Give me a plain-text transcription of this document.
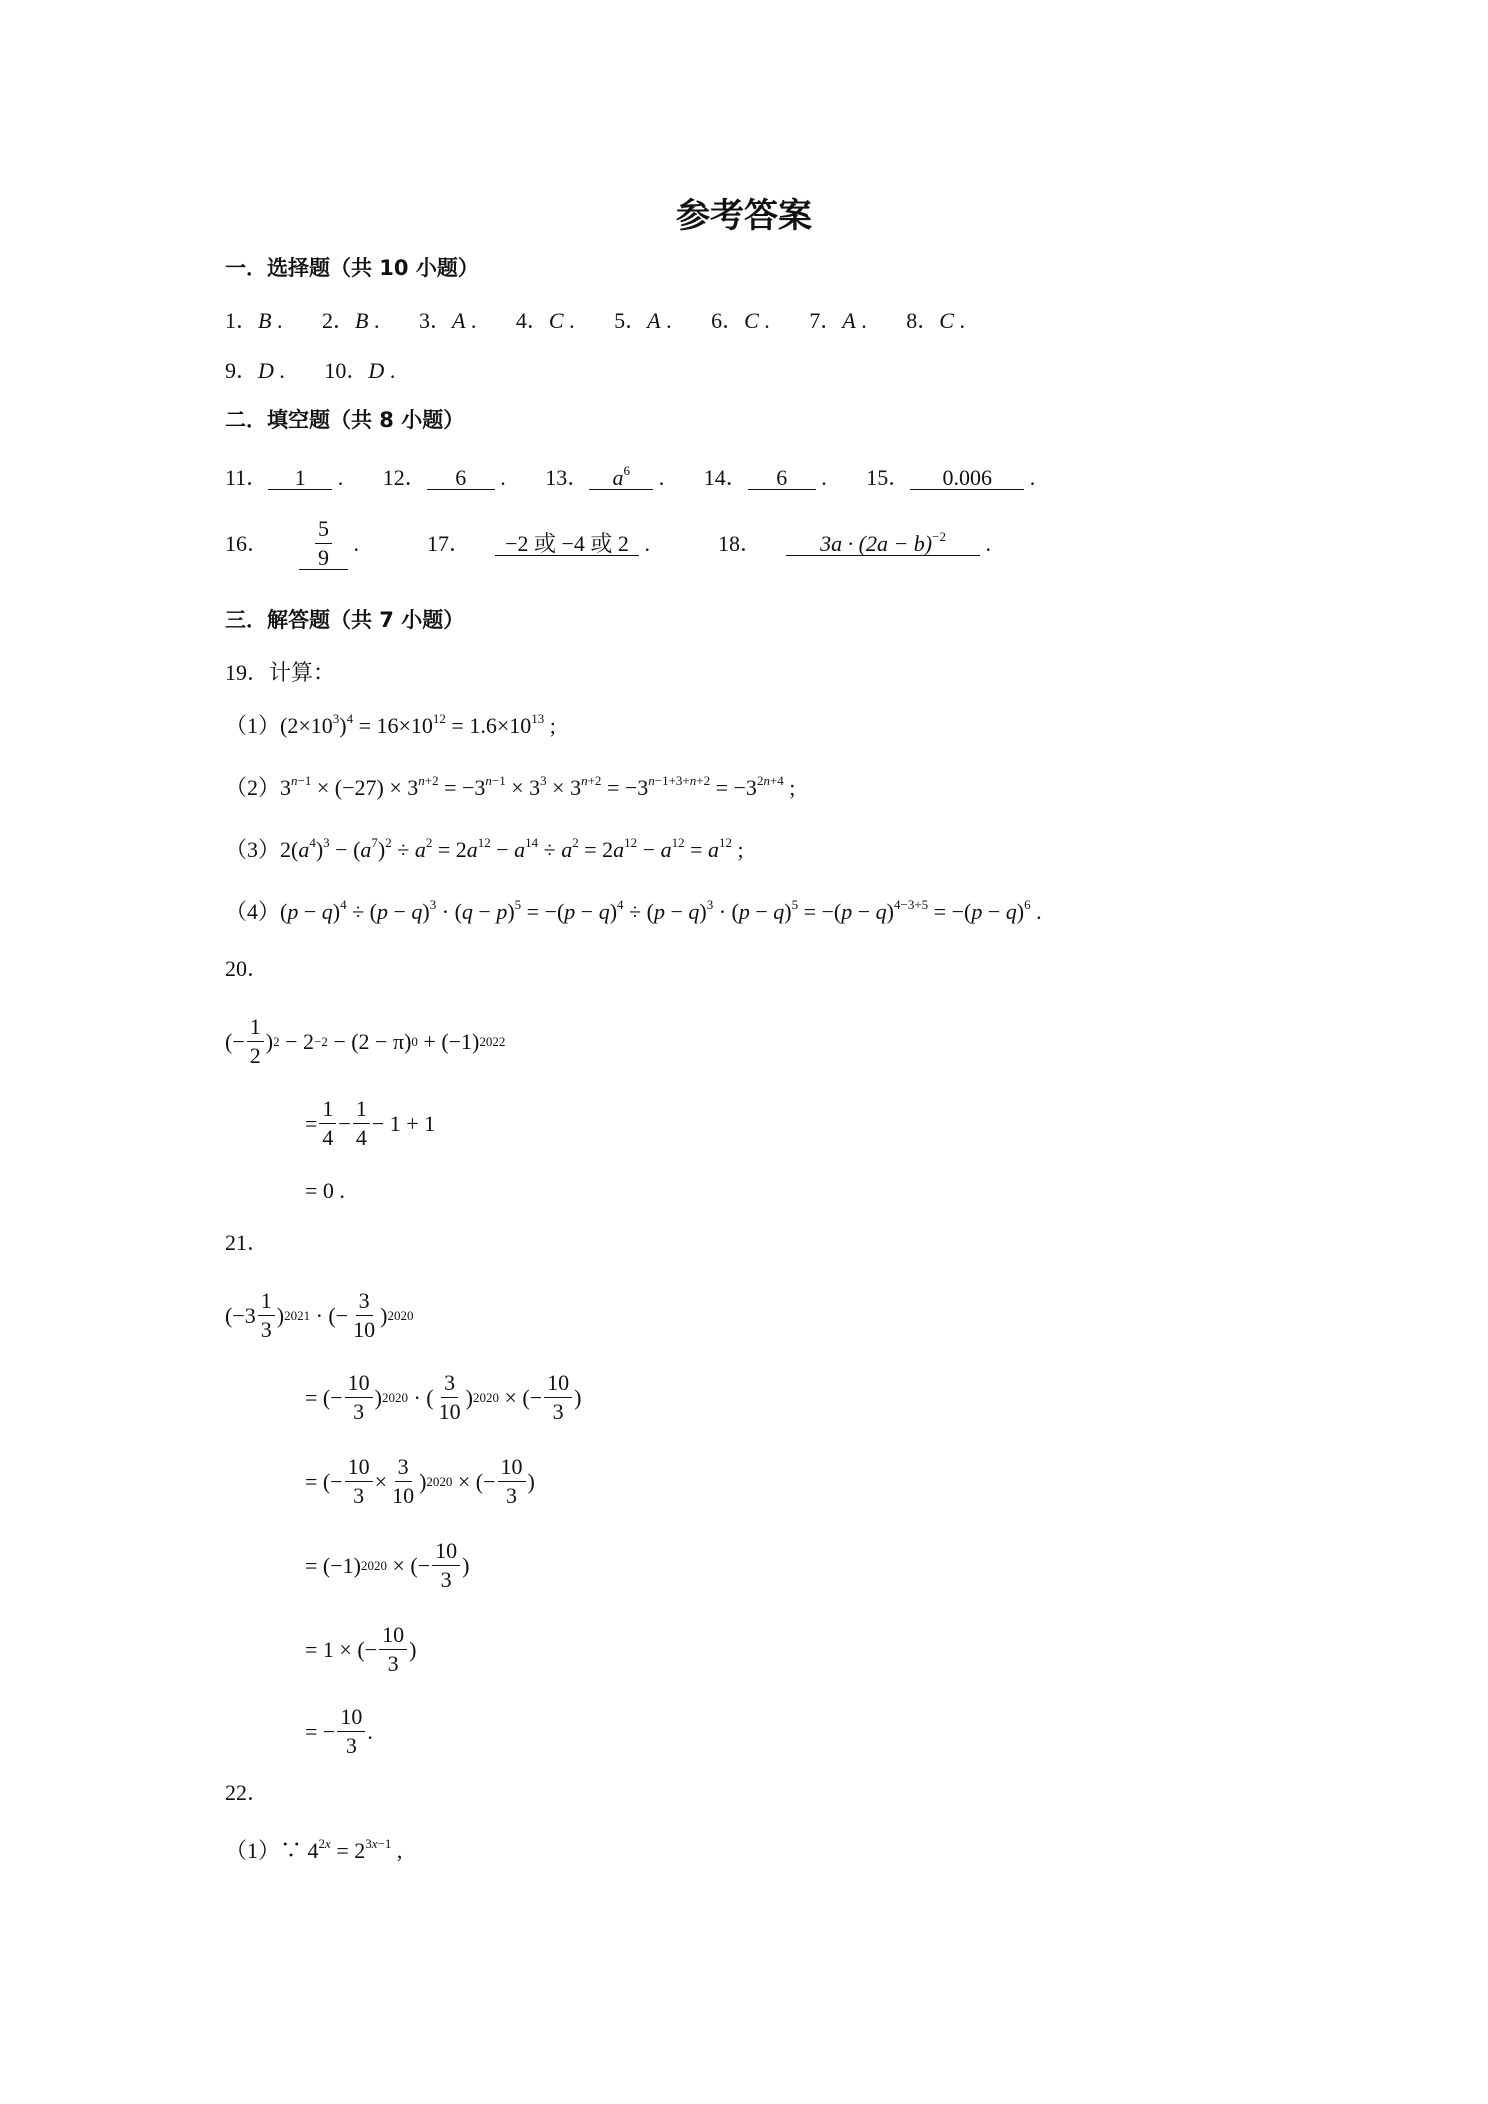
参考答案
一．选择题（共 10 小题）
1．B . 2．B . 3．A . 4．C . 5．A . 6．C . 7．A . 8．C .
9．D . 10．D .
二．填空题（共 8 小题）
11． 1 . 12． 6 . 13． $a^6$ . 14． 6 . 15． 0.006 .
16． $\frac{5}{9}$ .	17．	−2 或 −4 或 2 .	18．	$3a \cdot (2a - b)^{-2}$	.
三．解答题（共 7 小题）
19．计算：
$(1)(2\times 10^3)^4 = 16\times 10^{12} = 1.6\times 10^{13}$ ;
$(2)3^{n-1} \times (-27) \times 3^{n+2} = -3^{n-1} \times 3^3 \times 3^{n+2} = -3^{n-1+3+n+2} = -3^{2n+4}$ ;
$(3)2(a^4)^3 - (a^7)^2 \div a^2 = 2a^{12} - a^{14} \div a^2 = 2a^{12} - a^{12} = a^{12}$ ;
$(4)(p - q)^4 \div (p - q)^3 \cdot (q - p)^5 = -(p - q)^4 \div (p - q)^3 \cdot (p - q)^5 = -(p - q)^{4-3+5} = -(p - q)^6$ .
20．
(− $\frac{1}{2}$ ) 2 − 2 −2 − (2 − π) 0 + (−1) 2022
= $\frac{1}{4} - \frac{1}{4} - 1 + 1$
= 0 .
21．
($-3 \frac{1}{3}$ ) 2021 · (− $\frac{3}{10}$ ) 2020
= (− $\frac{10}{3}$ ) 2020 · ( $\frac{3}{10}$ ) 2020 × (− $\frac{10}{3}$ )
= (− $\frac{10}{3} \times \frac{3}{10}$ ) 2020 × (− $\frac{10}{3}$ )
= (−1) 2020 × (− $\frac{10}{3}$ )
= 1 × (− $\frac{10}{3}$ )
= − $\frac{10}{3}$ .
22．
（1）∵ $4^{2x} = 2^{3x-1}$ ,
